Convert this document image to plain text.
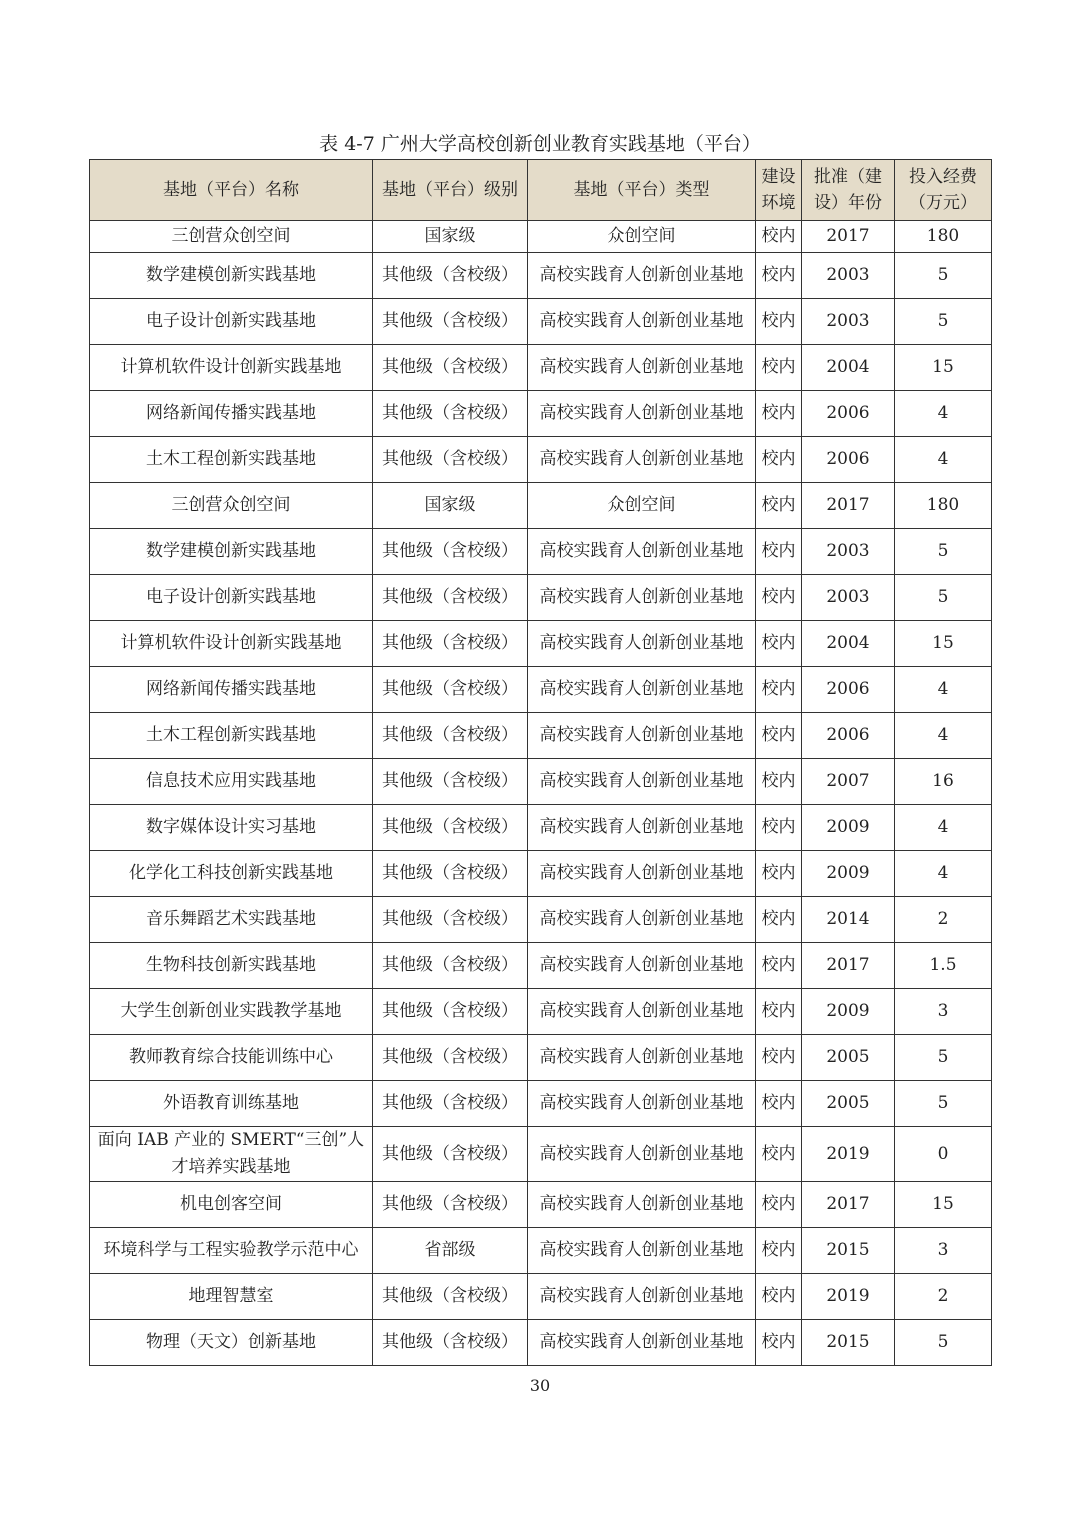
表 4-7 广州大学高校创新创业教育实践基地（平台）
基地（平台）名称	基地（平台）级别	基地（平台）类型	建设环境	批准（建设）年份	投入经费（万元）
三创营众创空间	国家级	众创空间	校内	2017	180
数学建模创新实践基地	其他级（含校级）	高校实践育人创新创业基地	校内	2003	5
电子设计创新实践基地	其他级（含校级）	高校实践育人创新创业基地	校内	2003	5
计算机软件设计创新实践基地	其他级（含校级）	高校实践育人创新创业基地	校内	2004	15
网络新闻传播实践基地	其他级（含校级）	高校实践育人创新创业基地	校内	2006	4
土木工程创新实践基地	其他级（含校级）	高校实践育人创新创业基地	校内	2006	4
三创营众创空间	国家级	众创空间	校内	2017	180
数学建模创新实践基地	其他级（含校级）	高校实践育人创新创业基地	校内	2003	5
电子设计创新实践基地	其他级（含校级）	高校实践育人创新创业基地	校内	2003	5
计算机软件设计创新实践基地	其他级（含校级）	高校实践育人创新创业基地	校内	2004	15
网络新闻传播实践基地	其他级（含校级）	高校实践育人创新创业基地	校内	2006	4
土木工程创新实践基地	其他级（含校级）	高校实践育人创新创业基地	校内	2006	4
信息技术应用实践基地	其他级（含校级）	高校实践育人创新创业基地	校内	2007	16
数字媒体设计实习基地	其他级（含校级）	高校实践育人创新创业基地	校内	2009	4
化学化工科技创新实践基地	其他级（含校级）	高校实践育人创新创业基地	校内	2009	4
音乐舞蹈艺术实践基地	其他级（含校级）	高校实践育人创新创业基地	校内	2014	2
生物科技创新实践基地	其他级（含校级）	高校实践育人创新创业基地	校内	2017	1.5
大学生创新创业实践教学基地	其他级（含校级）	高校实践育人创新创业基地	校内	2009	3
教师教育综合技能训练中心	其他级（含校级）	高校实践育人创新创业基地	校内	2005	5
外语教育训练基地	其他级（含校级）	高校实践育人创新创业基地	校内	2005	5
面向 IAB 产业的 SMERT“三创”人才培养实践基地	其他级（含校级）	高校实践育人创新创业基地	校内	2019	0
机电创客空间	其他级（含校级）	高校实践育人创新创业基地	校内	2017	15
环境科学与工程实验教学示范中心	省部级	高校实践育人创新创业基地	校内	2015	3
地理智慧室	其他级（含校级）	高校实践育人创新创业基地	校内	2019	2
物理（天文）创新基地	其他级（含校级）	高校实践育人创新创业基地	校内	2015	5
30
